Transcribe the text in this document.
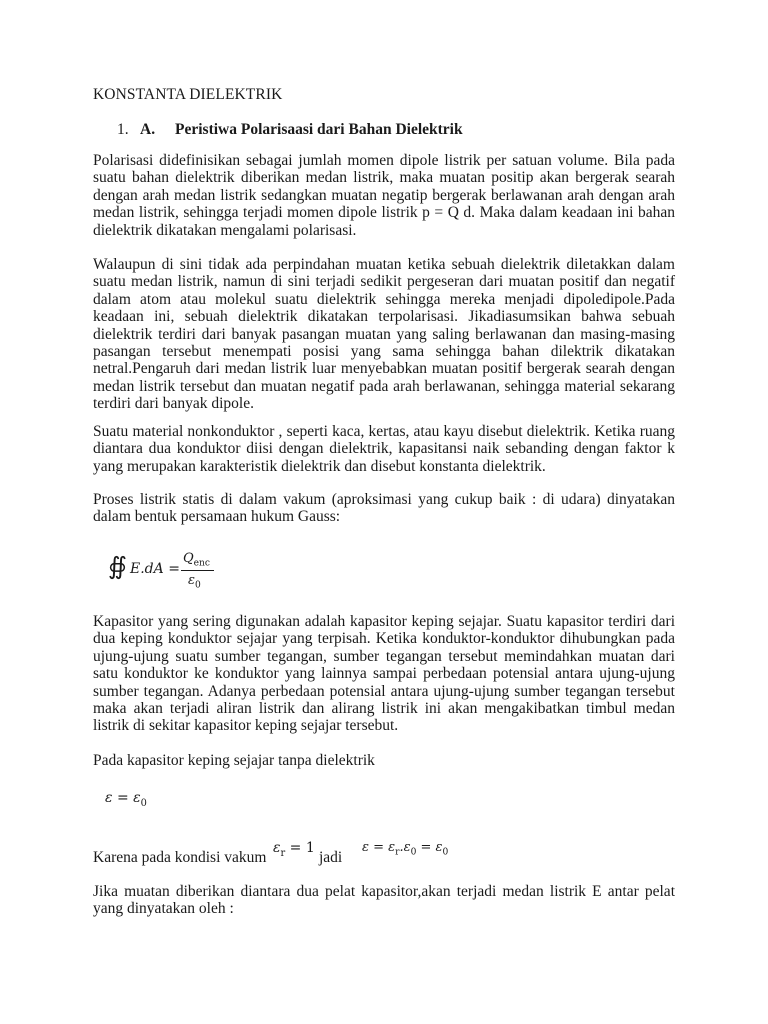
KONSTANTA DIELEKTRIK
1. A. Peristiwa Polarisaasi dari Bahan Dielektrik

Polarisasi didefinisikan sebagai jumlah momen dipole listrik per satuan volume. Bila pada suatu bahan dielektrik diberikan medan listrik, maka muatan positip akan bergerak searah dengan arah medan listrik sedangkan muatan negatip bergerak berlawanan arah dengan arah medan listrik, sehingga terjadi momen dipole listrik p = Q d. Maka dalam keadaan ini bahan dielektrik dikatakan mengalami polarisasi.

Walaupun di sini tidak ada perpindahan muatan ketika sebuah dielektrik diletakkan dalam suatu medan listrik, namun di sini terjadi sedikit pergeseran dari muatan positif dan negatif dalam atom atau molekul suatu dielektrik sehingga mereka menjadi dipoledipole.Pada keadaan ini, sebuah dielektrik dikatakan terpolarisasi. Jikadiasumsikan bahwa sebuah dielektrik terdiri dari banyak pasangan muatan yang saling berlawanan dan masing-masing pasangan tersebut menempati posisi yang sama sehingga bahan dilektrik dikatakan netral.Pengaruh dari medan listrik luar menyebabkan muatan positif bergerak searah dengan medan listrik tersebut dan muatan negatif pada arah berlawanan, sehingga material sekarang terdiri dari banyak dipole.

Suatu material nonkonduktor , seperti kaca, kertas, atau kayu disebut dielektrik. Ketika ruang diantara dua konduktor diisi dengan dielektrik, kapasitansi naik sebanding dengan faktor k yang merupakan karakteristik dielektrik dan disebut konstanta dielektrik.

Proses listrik statis di dalam vakum (aproksimasi yang cukup baik : di udara) dinyatakan dalam bentuk persamaan hukum Gauss:

∯ E.dA =
$Q_{enc}$
$\varepsilon_0$

Kapasitor yang sering digunakan adalah kapasitor keping sejajar. Suatu kapasitor terdiri dari dua keping konduktor sejajar yang terpisah. Ketika konduktor-konduktor dihubungkan pada ujung-ujung suatu sumber tegangan, sumber tegangan tersebut memindahkan muatan dari satu konduktor ke konduktor yang lainnya sampai perbedaan potensial antara ujung-ujung sumber tegangan. Adanya perbedaan potensial antara ujung-ujung sumber tegangan tersebut maka akan terjadi aliran listrik dan alirang listrik ini akan mengakibatkan timbul medan listrik di sekitar kapasitor keping sejajar tersebut.

Pada kapasitor keping sejajar tanpa dielektrik

$\varepsilon = \varepsilon_0$
Karena pada kondisi vakum
$\varepsilon_r = 1$
jadi
$\varepsilon = \varepsilon_r.\varepsilon_0 = \varepsilon_0$

Jika muatan diberikan diantara dua pelat kapasitor,akan terjadi medan listrik E antar pelat yang dinyatakan oleh :
